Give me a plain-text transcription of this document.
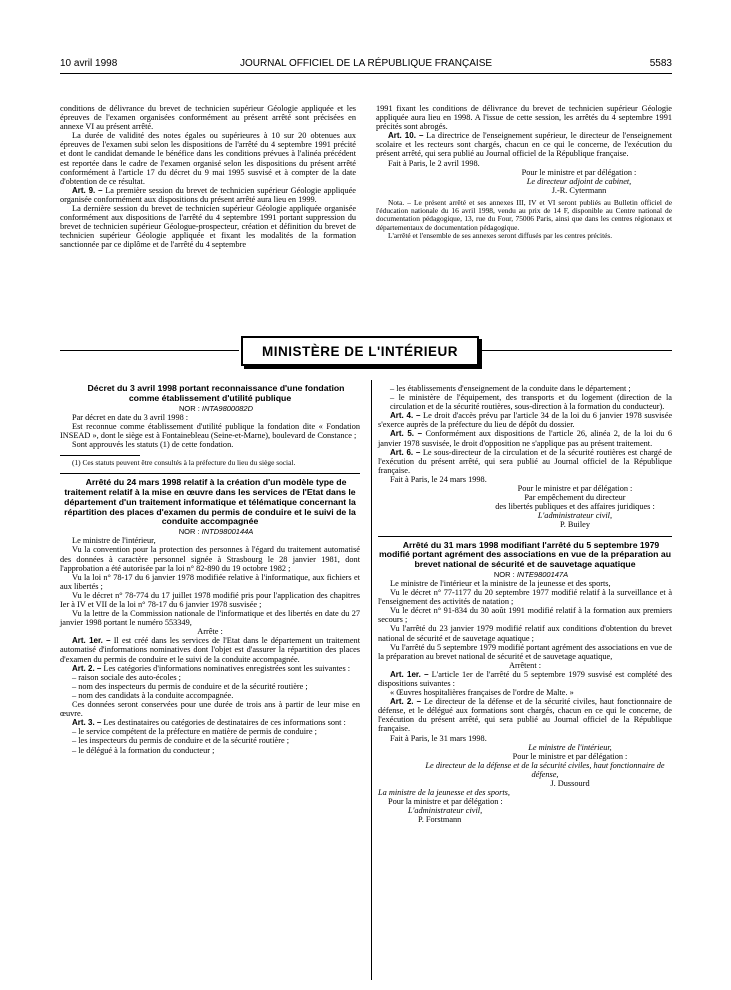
10 avril 1998	JOURNAL OFFICIEL DE LA RÉPUBLIQUE FRANÇAISE	5583

conditions de délivrance du brevet de technicien supérieur Géologie appliquée et les épreuves de l'examen organisées conformément au présent arrêté sont précisées en annexe VI au présent arrêté.

La durée de validité des notes égales ou supérieures à 10 sur 20 obtenues aux épreuves de l'examen subi selon les dispositions de l'arrêté du 4 septembre 1991 précité et dont le candidat demande le bénéfice dans les conditions prévues à l'alinéa précédent est reportée dans le cadre de l'examen organisé selon les dispositions du présent arrêté conformément à l'article 17 du décret du 9 mai 1995 susvisé et à compter de la date d'obtention de ce résultat.

Art. 9. – La première session du brevet de technicien supérieur Géologie appliquée organisée conformément aux dispositions du présent arrêté aura lieu en 1999.

La dernière session du brevet de technicien supérieur Géologie appliquée organisée conformément aux dispositions de l'arrêté du 4 septembre 1991 portant suppression du brevet de technicien supérieur Géologue-prospecteur, création et définition du brevet de technicien supérieur Géologie appliquée et fixant les modalités de la formation sanctionnée par ce diplôme et de l'arrêté du 4 septembre

1991 fixant les conditions de délivrance du brevet de technicien supérieur Géologie appliquée aura lieu en 1998. A l'issue de cette session, les arrêtés du 4 septembre 1991 précités sont abrogés.

Art. 10. – La directrice de l'enseignement supérieur, le directeur de l'enseignement scolaire et les recteurs sont chargés, chacun en ce qui le concerne, de l'exécution du présent arrêté, qui sera publié au Journal officiel de la République française.

Fait à Paris, le 2 avril 1998.

Pour le ministre et par délégation :

Le directeur adjoint de cabinet,

J.-R. Cytermann

Nota. – Le présent arrêté et ses annexes III, IV et VI seront publiés au Bulletin officiel de l'éducation nationale du 16 avril 1998, vendu au prix de 14 F, disponible au Centre national de documentation pédagogique, 13, rue du Four, 75006 Paris, ainsi que dans les centres régionaux et départementaux de documentation pédagogique.

L'arrêté et l'ensemble de ses annexes seront diffusés par les centres précités.

MINISTÈRE DE L'INTÉRIEUR

Décret du 3 avril 1998 portant reconnaissance d'une fondation comme établissement d'utilité publique

NOR : INTA9800082D

Par décret en date du 3 avril 1998 :

Est reconnue comme établissement d'utilité publique la fondation dite « Fondation INSEAD », dont le siège est à Fontainebleau (Seine-et-Marne), boulevard de Constance ;

Sont approuvés les statuts (1) de cette fondation.

(1) Ces statuts peuvent être consultés à la préfecture du lieu du siège social.

Arrêté du 24 mars 1998 relatif à la création d'un modèle type de traitement relatif à la mise en œuvre dans les services de l'Etat dans le département d'un traitement informatique et télématique concernant la répartition des places d'examen du permis de conduire et le suivi de la conduite accompagnée

NOR : INTD9800144A

Le ministre de l'intérieur,

Vu la convention pour la protection des personnes à l'égard du traitement automatisé des données à caractère personnel signée à Strasbourg le 28 janvier 1981, dont l'approbation a été autorisée par la loi n° 82-890 du 19 octobre 1982 ;

Vu la loi n° 78-17 du 6 janvier 1978 modifiée relative à l'informatique, aux fichiers et aux libertés ;

Vu le décret n° 78-774 du 17 juillet 1978 modifié pris pour l'application des chapitres Ier à IV et VII de la loi n° 78-17 du 6 janvier 1978 susvisée ;

Vu la lettre de la Commission nationale de l'informatique et des libertés en date du 27 janvier 1998 portant le numéro 553349,

Arrête :

Art. 1er. – Il est créé dans les services de l'Etat dans le département un traitement automatisé d'informations nominatives dont l'objet est d'assurer la répartition des places d'examen du permis de conduire et le suivi de la conduite accompagnée.

Art. 2. – Les catégories d'informations nominatives enregistrées sont les suivantes :

– raison sociale des auto-écoles ;
– nom des inspecteurs du permis de conduire et de la sécurité routière ;
– nom des candidats à la conduite accompagnée.

Ces données seront conservées pour une durée de trois ans à partir de leur mise en œuvre.

Art. 3. – Les destinataires ou catégories de destinataires de ces informations sont :

– le service compétent de la préfecture en matière de permis de conduire ;
– les inspecteurs du permis de conduire et de la sécurité routière ;
– le délégué à la formation du conducteur ;
– les établissements d'enseignement de la conduite dans le département ;
– le ministère de l'équipement, des transports et du logement (direction de la circulation et de la sécurité routières, sous-direction à la formation du conducteur).

Art. 4. – Le droit d'accès prévu par l'article 34 de la loi du 6 janvier 1978 susvisée s'exerce auprès de la préfecture du lieu de dépôt du dossier.

Art. 5. – Conformément aux dispositions de l'article 26, alinéa 2, de la loi du 6 janvier 1978 susvisée, le droit d'opposition ne s'applique pas au présent traitement.

Art. 6. – Le sous-directeur de la circulation et de la sécurité routières est chargé de l'exécution du présent arrêté, qui sera publié au Journal officiel de la République française.

Fait à Paris, le 24 mars 1998.

Pour le ministre et par délégation :

Par empêchement du directeur

des libertés publiques et des affaires juridiques :

L'administrateur civil,

P. Builey

Arrêté du 31 mars 1998 modifiant l'arrêté du 5 septembre 1979 modifié portant agrément des associations en vue de la préparation au brevet national de sécurité et de sauvetage aquatique

NOR : INTE9800147A

Le ministre de l'intérieur et la ministre de la jeunesse et des sports,

Vu le décret n° 77-1177 du 20 septembre 1977 modifié relatif à la surveillance et à l'enseignement des activités de natation ;

Vu le décret n° 91-834 du 30 août 1991 modifié relatif à la formation aux premiers secours ;

Vu l'arrêté du 23 janvier 1979 modifié relatif aux conditions d'obtention du brevet national de sécurité et de sauvetage aquatique ;

Vu l'arrêté du 5 septembre 1979 modifié portant agrément des associations en vue de la préparation au brevet national de sécurité et de sauvetage aquatique,

Arrêtent :

Art. 1er. – L'article 1er de l'arrêté du 5 septembre 1979 susvisé est complété des dispositions suivantes :

« Œuvres hospitalières françaises de l'ordre de Malte. »

Art. 2. – Le directeur de la défense et de la sécurité civiles, haut fonctionnaire de défense, et le délégué aux formations sont chargés, chacun en ce qui le concerne, de l'exécution du présent arrêté, qui sera publié au Journal officiel de la République française.

Fait à Paris, le 31 mars 1998.

Le ministre de l'intérieur,

Pour le ministre et par délégation :

Le directeur de la défense et de la sécurité civiles, haut fonctionnaire de défense,

J. Dussourd

La ministre de la jeunesse et des sports,

Pour la ministre et par délégation :

L'administrateur civil,

P. Forstmann
